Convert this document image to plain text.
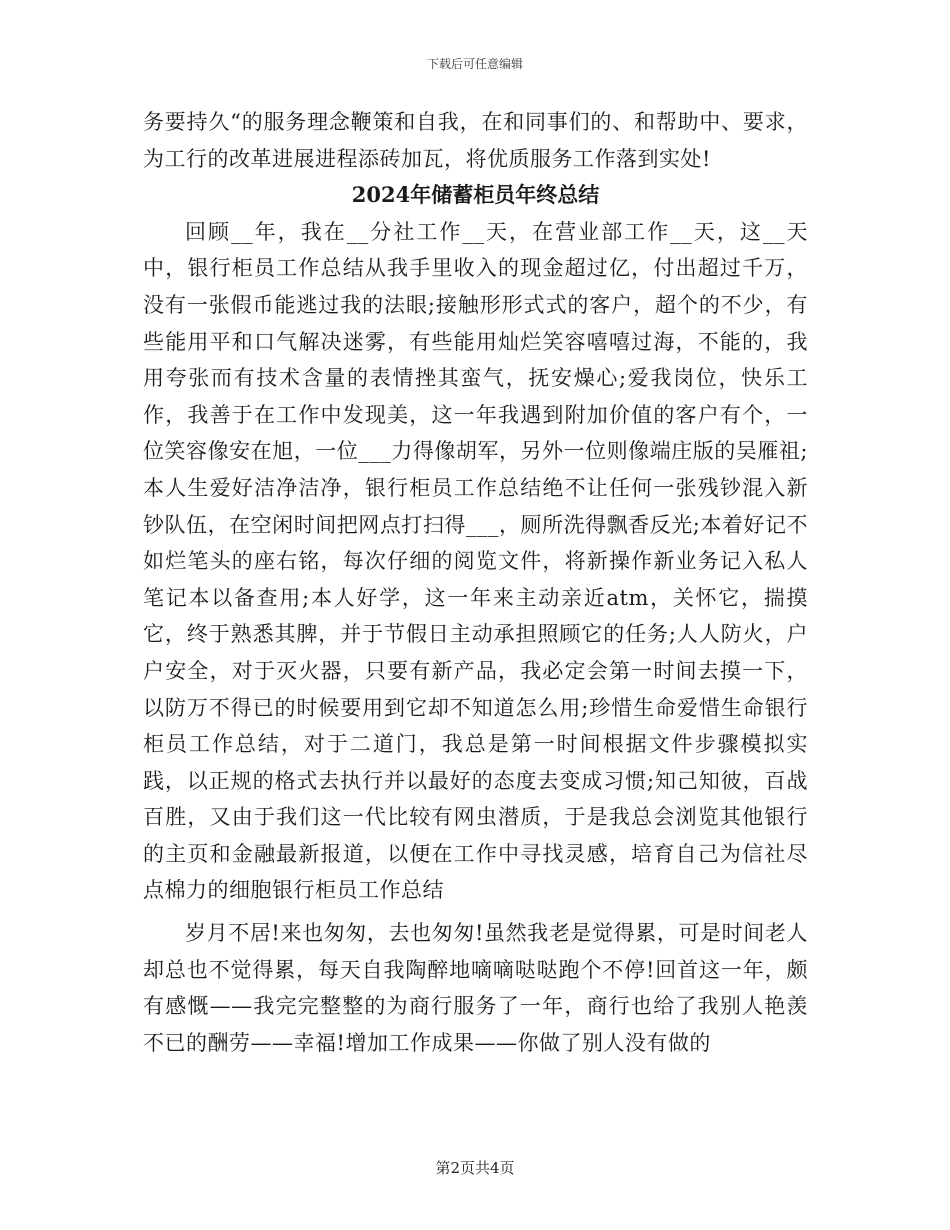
下载后可任意编辑

务要持久“的服务理念鞭策和自我，在和同事们的、和帮助中、要求，为工行的改革进展进程添砖加瓦，将优质服务工作落到实处!

2024年储蓄柜员年终总结

回顾__年，我在__分社工作__天，在营业部工作__天，这__天中，银行柜员工作总结从我手里收入的现金超过亿，付出超过千万，没有一张假币能逃过我的法眼;接触形形式式的客户，超个的不少，有些能用平和口气解决迷雾，有些能用灿烂笑容嘻嘻过海，不能的，我用夸张而有技术含量的表情挫其蛮气，抚安燥心;爱我岗位，快乐工作，我善于在工作中发现美，这一年我遇到附加价值的客户有个，一位笑容像安在旭，一位___力得像胡军，另外一位则像端庄版的吴雁祖;本人生爱好洁净洁净，银行柜员工作总结绝不让任何一张残钞混入新钞队伍，在空闲时间把网点打扫得___，厕所洗得飘香反光;本着好记不如烂笔头的座右铭，每次仔细的阅览文件，将新操作新业务记入私人笔记本以备查用;本人好学，这一年来主动亲近atm，关怀它，揣摸它，终于熟悉其脾，并于节假日主动承担照顾它的任务;人人防火，户户安全，对于灭火器，只要有新产品，我必定会第一时间去摸一下，以防万不得已的时候要用到它却不知道怎么用;珍惜生命爱惜生命银行柜员工作总结，对于二道门，我总是第一时间根据文件步骤模拟实践，以正规的格式去执行并以最好的态度去变成习惯;知己知彼，百战百胜，又由于我们这一代比较有网虫潜质，于是我总会浏览其他银行的主页和金融最新报道，以便在工作中寻找灵感，培育自己为信社尽点棉力的细胞银行柜员工作总结

岁月不居!来也匆匆，去也匆匆!虽然我老是觉得累，可是时间老人却总也不觉得累，每天自我陶醉地嘀嘀哒哒跑个不停!回首这一年，颇有感慨——我完完整整的为商行服务了一年，商行也给了我别人艳羡不已的酬劳——幸福!增加工作成果——你做了别人没有做的

第2页共4页
